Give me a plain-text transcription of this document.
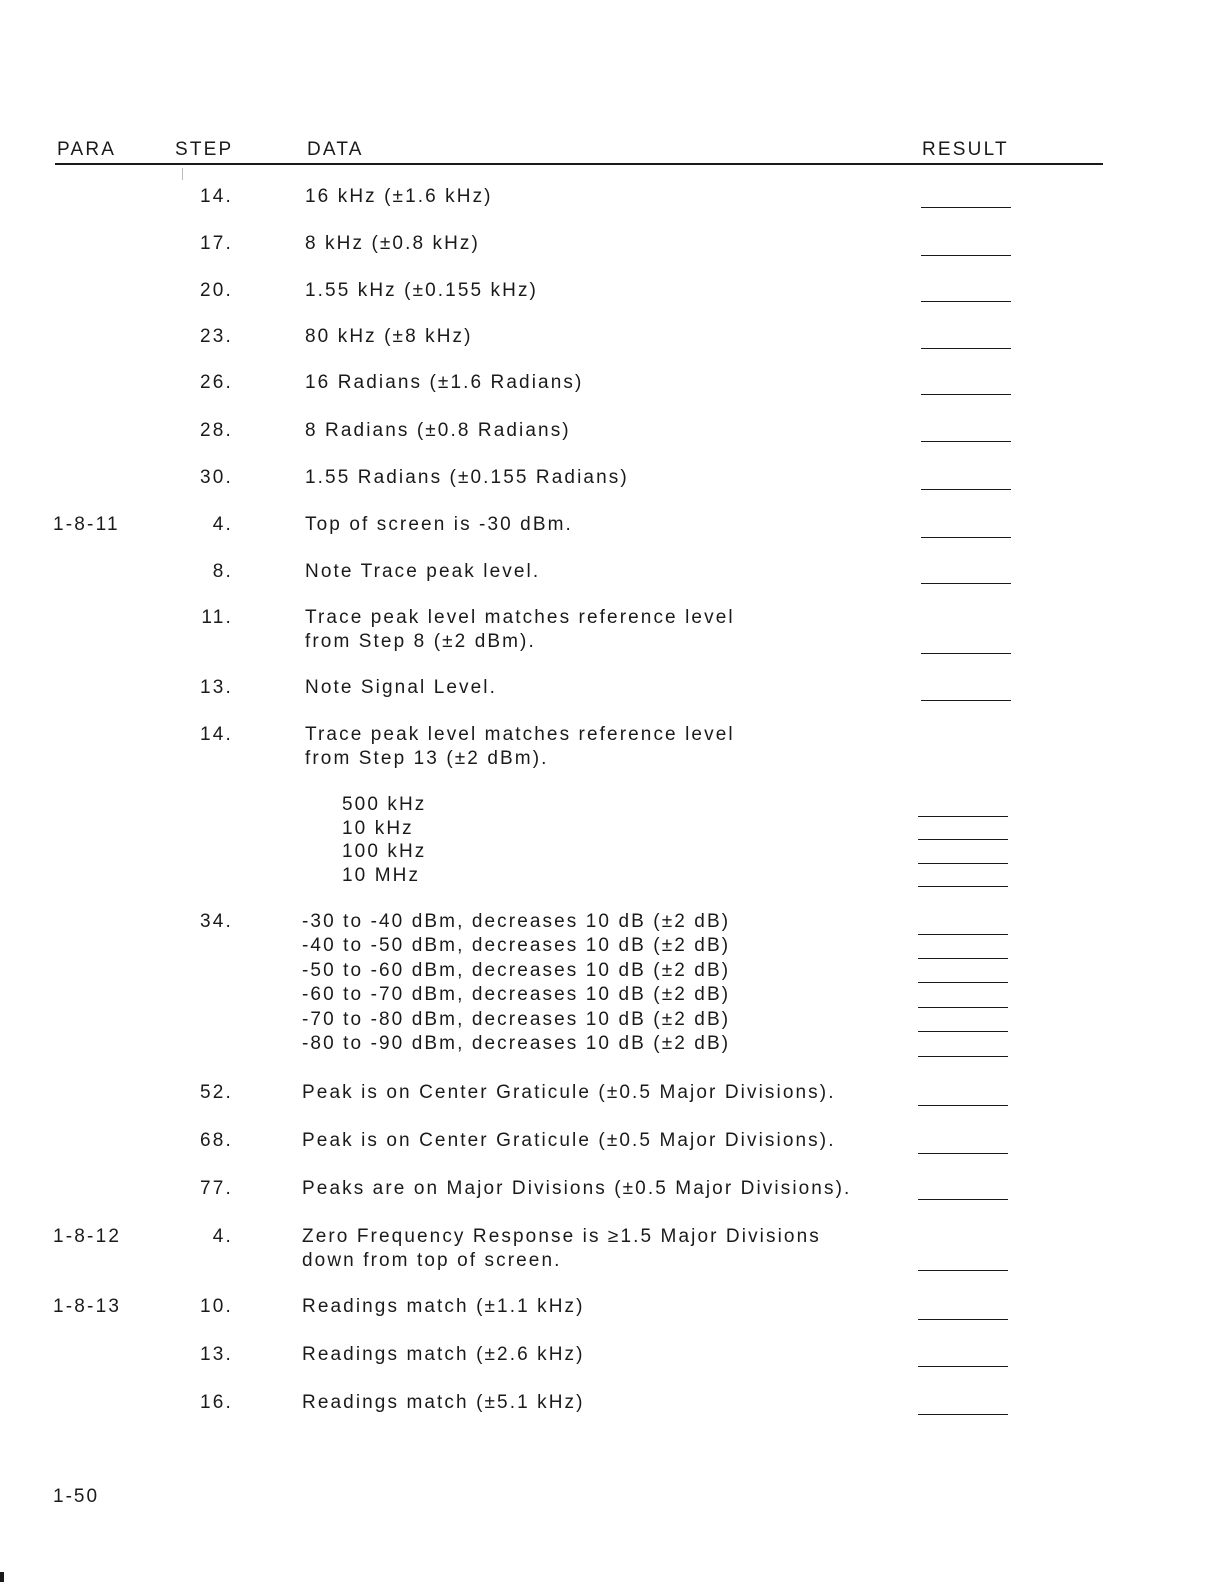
PARA	STEP	DATA	RESULT
14.	16 kHz (±1.6 kHz)
17.	8 kHz (±0.8 kHz)
20.	1.55 kHz (±0.155 kHz)
23.	80 kHz (±8 kHz)
26.	16 Radians (±1.6 Radians)
28.	8 Radians (±0.8 Radians)
30.	1.55 Radians (±0.155 Radians)
1-8-11	4.	Top of screen is -30 dBm.
8.	Note Trace peak level.
11.	Trace peak level matches reference level
from Step 8 (±2 dBm).
13.	Note Signal Level.
14.	Trace peak level matches reference level
from Step 13 (±2 dBm).
500 kHz
10 kHz
100 kHz
10 MHz
34.	-30 to -40 dBm, decreases 10 dB (±2 dB)
-40 to -50 dBm, decreases 10 dB (±2 dB)
-50 to -60 dBm, decreases 10 dB (±2 dB)
-60 to -70 dBm, decreases 10 dB (±2 dB)
-70 to -80 dBm, decreases 10 dB (±2 dB)
-80 to -90 dBm, decreases 10 dB (±2 dB)
52.	Peak is on Center Graticule (±0.5 Major Divisions).
68.	Peak is on Center Graticule (±0.5 Major Divisions).
77.	Peaks are on Major Divisions (±0.5 Major Divisions).
1-8-12	4.	Zero Frequency Response is ≥1.5 Major Divisions
down from top of screen.
1-8-13	10.	Readings match (±1.1 kHz)
13.	Readings match (±2.6 kHz)
16.	Readings match (±5.1 kHz)
1-50
